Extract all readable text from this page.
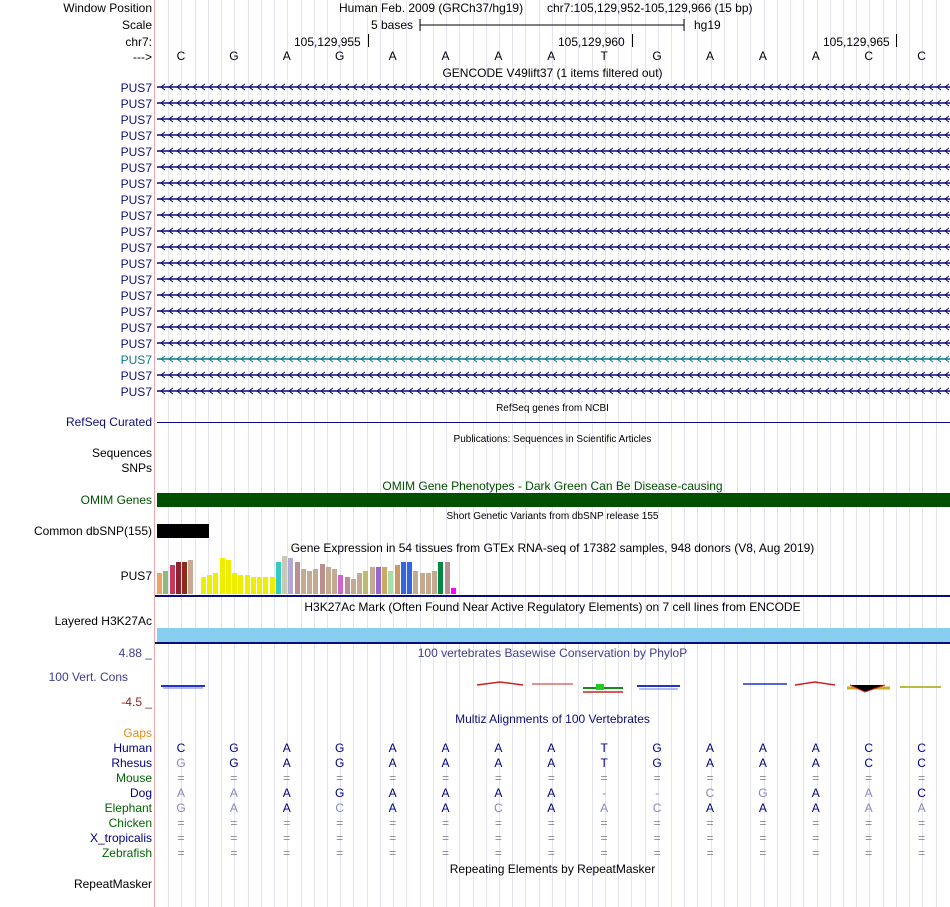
Window Position	Human Feb. 2009 (GRCh37/hg19) chr7:105,129,952-105,129,966 (15 bp)
Scale	5 bases	hg19
chr7:	105,129,955	105,129,960	105,129,965
--->	C	G	A	G	A	A	A	A	T	G	A	A	A	C	C
GENCODE V49lift37 (1 items filtered out)
PUS7
PUS7
PUS7
PUS7
PUS7
PUS7
PUS7
PUS7
PUS7
PUS7
PUS7
PUS7
PUS7
PUS7
PUS7
PUS7
PUS7
PUS7
PUS7
PUS7
RefSeq genes from NCBI
RefSeq Curated
Publications: Sequences in Scientific Articles
Sequences
SNPs
OMIM Gene Phenotypes - Dark Green Can Be Disease-causing
OMIM Genes
Short Genetic Variants from dbSNP release 155
Common dbSNP(155)
Gene Expression in 54 tissues from GTEx RNA-seq of 17382 samples, 948 donors (V8, Aug 2019)
PUS7
H3K27Ac Mark (Often Found Near Active Regulatory Elements) on 7 cell lines from ENCODE
Layered H3K27Ac
100 vertebrates Basewise Conservation by PhyloP
4.88 _
100 Vert. Cons
-4.5 _
Multiz Alignments of 100 Vertebrates
Gaps
Human	C	G	A	G	A	A	A	A	T	G	A	A	A	C	C
Rhesus	G	G	A	G	A	A	A	A	T	G	A	A	A	C	C
Mouse	=	=	=	=	=	=	=	=	=	=	=	=	=	=	=
Dog	A	A	A	G	A	A	A	A	-	-	C	G	A	A	C
Elephant	G	A	A	C	A	A	C	A	A	C	A	A	A	A	A
Chicken	=	=	=	=	=	=	=	=	=	=	=	=	=	=	=
X_tropicalis	=	=	=	=	=	=	=	=	=	=	=	=	=	=	=
Zebrafish	=	=	=	=	=	=	=	=	=	=	=	=	=	=	=
Repeating Elements by RepeatMasker
RepeatMasker
